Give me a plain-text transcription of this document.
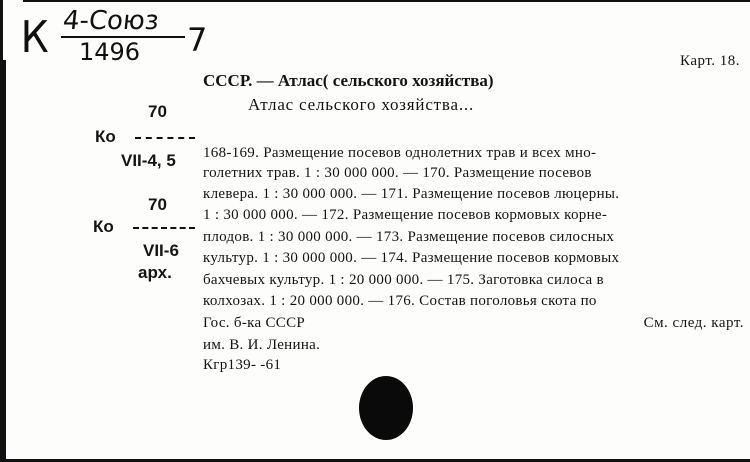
К 4-Союз
1496 7
Карт. 18.
СССР. — Атлас( сельского хозяйства)
Атлас сельского хозяйства...
70
Ко
VII-4, 5
70
Ко
VII-6
арх.
168-169. Размещение посевов однолетних трав и всех мно-
голетних трав. 1 : 30 000 000. — 170. Размещение посевов
клевера. 1 : 30 000 000. — 171. Размещение посевов люцерны.
1 : 30 000 000. — 172. Размещение посевов кормовых корне-
плодов. 1 : 30 000 000. — 173. Размещение посевов силосных
культур. 1 : 30 000 000. — 174. Размещение посевов кормовых
бахчевых культур. 1 : 20 000 000. — 175. Заготовка силоса в
колхозах. 1 : 20 000 000. — 176. Состав поголовья скота по
Гос. б-ка СССР
им. В. И. Ленина.
Кгр139- -61
См. след. карт.
